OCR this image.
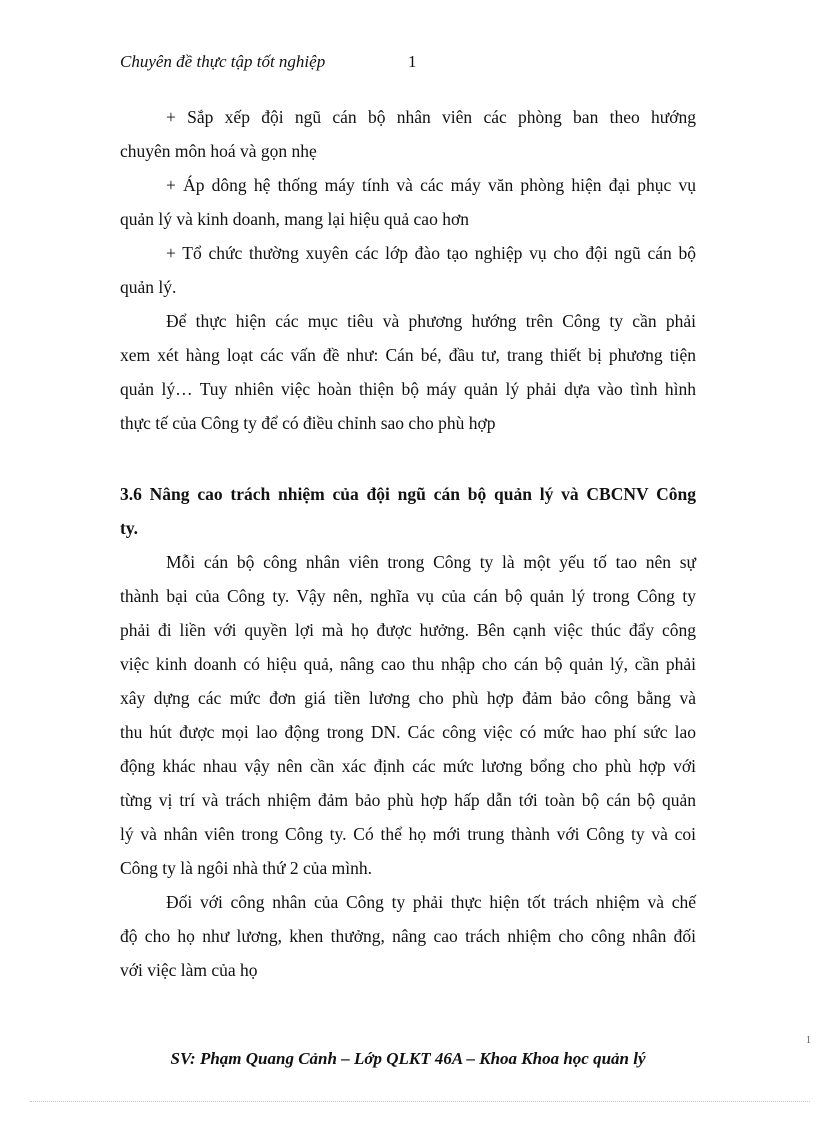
Chuyên đề thực tập tốt nghiệp	1
+ Sắp xếp đội ngũ cán bộ nhân viên các phòng ban theo hướng
chuyên môn hoá và gọn nhẹ
+ Áp dông hệ thống máy tính và các máy văn phòng hiện đại phục vụ
quản lý và kinh doanh, mang lại hiệu quả cao hơn
+ Tổ chức thường xuyên các lớp đào tạo nghiệp vụ cho đội ngũ cán bộ
quản lý.
Để thực hiện các mục tiêu và phương hướng trên Công ty cần phải
xem xét hàng loạt các vấn đề như: Cán bé, đầu tư, trang thiết bị phương tiện
quản lý… Tuy nhiên việc hoàn thiện bộ máy quản lý phải dựa vào tình hình
thực tế của Công ty để có điều chỉnh sao cho phù hợp
3.6 Nâng cao trách nhiệm của đội ngũ cán bộ quản lý và CBCNV Công
ty.
Mỗi cán bộ công nhân viên trong Công ty là một yếu tố tao nên sự
thành bại của Công ty. Vậy nên, nghĩa vụ của cán bộ quản lý trong Công ty
phải đi liền với quyền lợi mà họ được hưởng. Bên cạnh việc thúc đẩy công
việc kinh doanh có hiệu quả, nâng cao thu nhập cho cán bộ quản lý, cần phải
xây dựng các mức đơn giá tiền lương cho phù hợp đảm bảo công bằng và
thu hút được mọi lao động trong DN. Các công việc có mức hao phí sức lao
động khác nhau vậy nên cần xác định các mức lương bổng cho phù hợp với
từng vị trí và trách nhiệm đảm bảo phù hợp hấp dẫn tới toàn bộ cán bộ quản
lý và nhân viên trong Công ty. Có thể họ mới trung thành với Công ty và coi
Công ty là ngôi nhà thứ 2 của mình.
Đối với công nhân của Công ty phải thực hiện tốt trách nhiệm và chế
độ cho họ như lương, khen thưởng, nâng cao trách nhiệm cho công nhân đối
với việc làm của họ
1
SV: Phạm Quang Cảnh – Lớp QLKT 46A – Khoa Khoa học quản lý
